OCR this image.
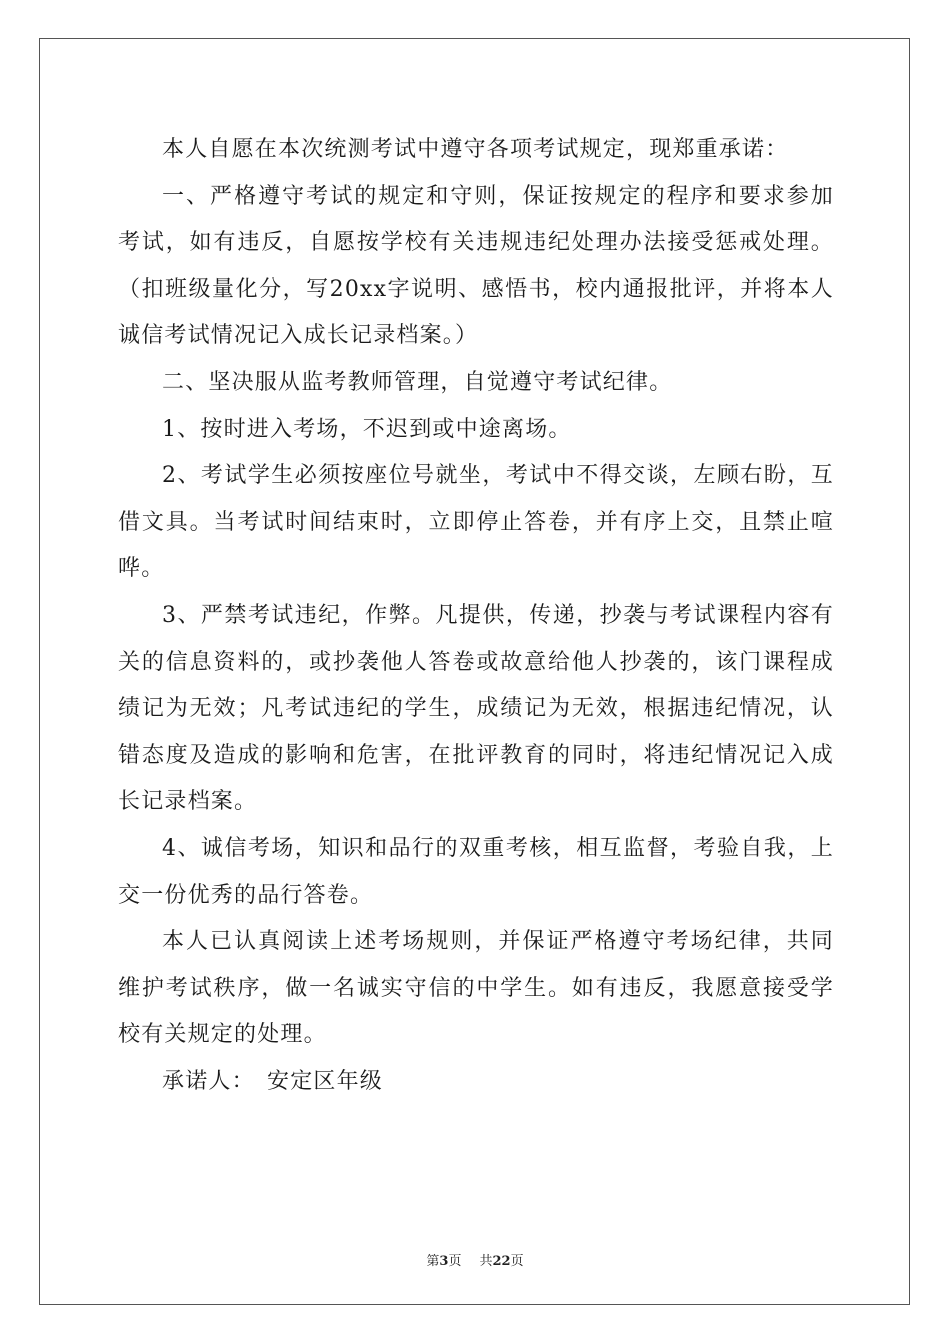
本人自愿在本次统测考试中遵守各项考试规定，现郑重承诺：

一、严格遵守考试的规定和守则，保证按规定的程序和要求参加考试，如有违反，自愿按学校有关违规违纪处理办法接受惩戒处理。（扣班级量化分，写20xx字说明、感悟书，校内通报批评，并将本人诚信考试情况记入成长记录档案。）

二、坚决服从监考教师管理，自觉遵守考试纪律。

1、按时进入考场，不迟到或中途离场。

2、考试学生必须按座位号就坐，考试中不得交谈，左顾右盼，互借文具。当考试时间结束时，立即停止答卷，并有序上交，且禁止喧哗。

3、严禁考试违纪，作弊。凡提供，传递，抄袭与考试课程内容有关的信息资料的，或抄袭他人答卷或故意给他人抄袭的，该门课程成绩记为无效；凡考试违纪的学生，成绩记为无效，根据违纪情况，认错态度及造成的影响和危害，在批评教育的同时，将违纪情况记入成长记录档案。

4、诚信考场，知识和品行的双重考核，相互监督，考验自我，上交一份优秀的品行答卷。

本人已认真阅读上述考场规则，并保证严格遵守考场纪律，共同维护考试秩序，做一名诚实守信的中学生。如有违反，我愿意接受学校有关规定的处理。

承诺人：　安定区年级

第3页 共22页
